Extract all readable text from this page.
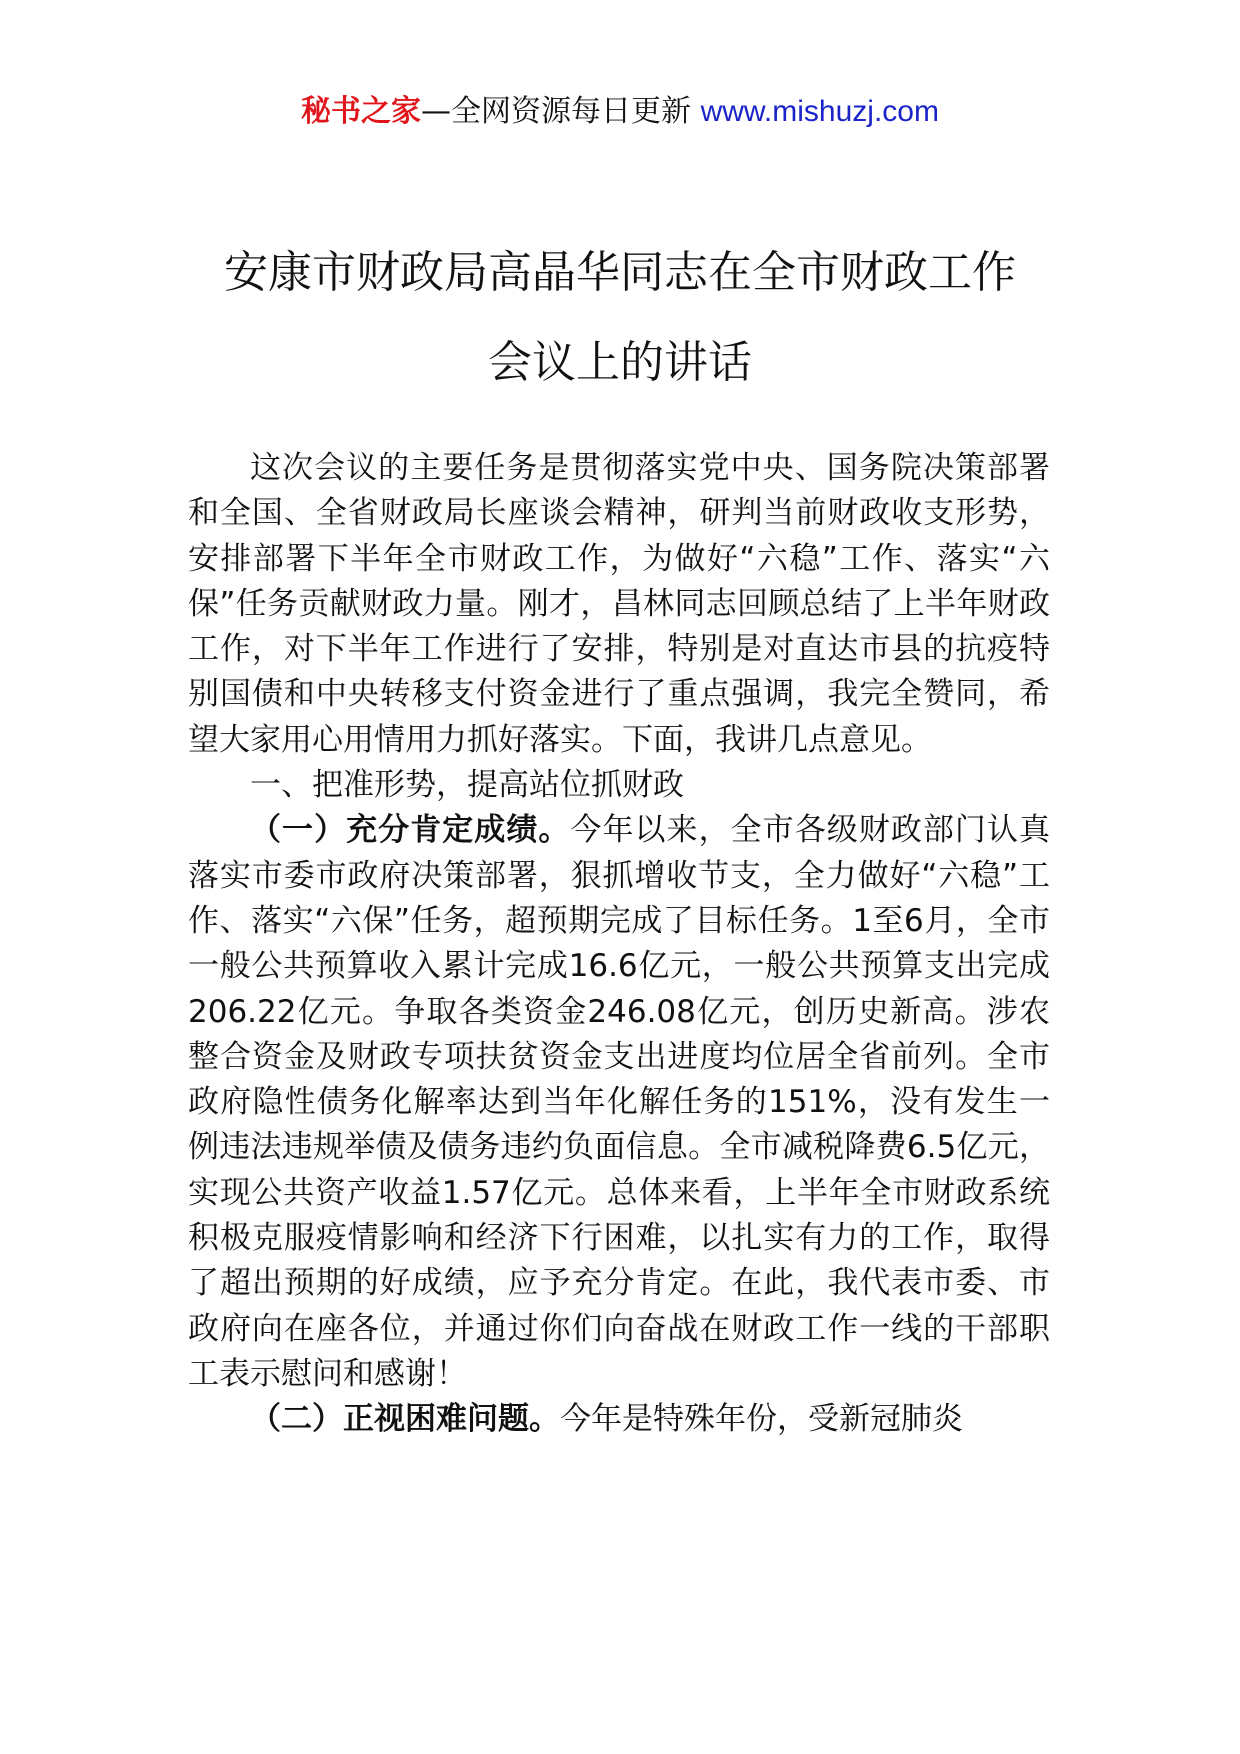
秘书之家—全网资源每日更新 www.mishuzj.com
安康市财政局高晶华同志在全市财政工作
会议上的讲话

这次会议的主要任务是贯彻落实党中央、国务院决策部署和全国、全省财政局长座谈会精神，研判当前财政收支形势，安排部署下半年全市财政工作，为做好“六稳”工作、落实“六保”任务贡献财政力量。刚才，昌林同志回顾总结了上半年财政工作，对下半年工作进行了安排，特别是对直达市县的抗疫特别国债和中央转移支付资金进行了重点强调，我完全赞同，希望大家用心用情用力抓好落实。下面，我讲几点意见。

一、把准形势，提高站位抓财政

（一）充分肯定成绩。今年以来，全市各级财政部门认真落实市委市政府决策部署，狠抓增收节支，全力做好“六稳”工作、落实“六保”任务，超预期完成了目标任务。1至6月，全市一般公共预算收入累计完成16.6亿元，一般公共预算支出完成206.22亿元。争取各类资金246.08亿元，创历史新高。涉农整合资金及财政专项扶贫资金支出进度均位居全省前列。全市政府隐性债务化解率达到当年化解任务的151%，没有发生一例违法违规举债及债务违约负面信息。全市减税降费6.5亿元，实现公共资产收益1.57亿元。总体来看，上半年全市财政系统积极克服疫情影响和经济下行困难，以扎实有力的工作，取得了超出预期的好成绩，应予充分肯定。在此，我代表市委、市政府向在座各位，并通过你们向奋战在财政工作一线的干部职工表示慰问和感谢！

（二）正视困难问题。今年是特殊年份，受新冠肺炎
